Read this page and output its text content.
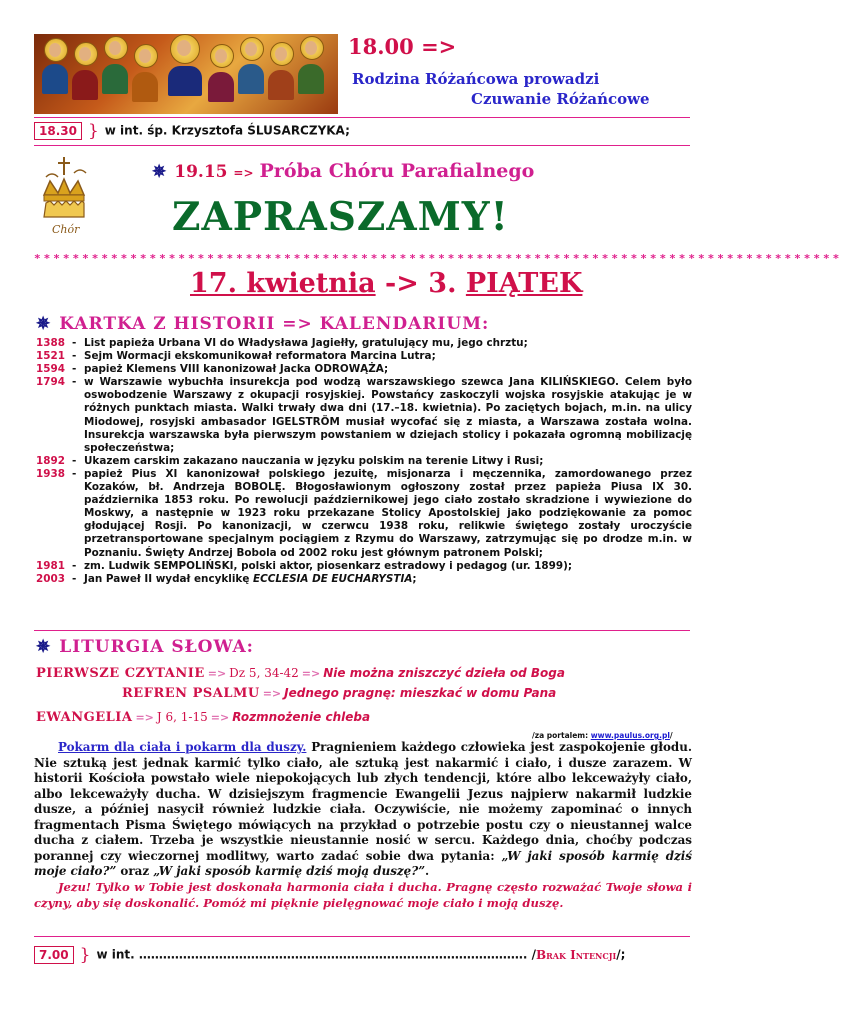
18.00 =>
Rodzina Różańcowa prowadzi
Czuwanie Różańcowe
18.30 } w int. śp. Krzysztofa ŚLUSARCZYKA;
Chór
✵ 19.15 => Próba Chóru Parafialnego
ZAPRASZAMY!
************************************************************************************
17. kwietnia -> 3. PIĄTEK
✵ KARTKA Z HISTORII => KALENDARIUM:
1388 - List papieża Urbana VI do Władysława Jagiełły, gratulujący mu, jego chrztu;
1521 - Sejm Wormacji ekskomunikował reformatora Marcina Lutra;
1594 - papież Klemens VIII kanonizował Jacka ODROWĄŻA;
1794 - w Warszawie wybuchła insurekcja pod wodzą warszawskiego szewca Jana KILIŃSKIEGO. Celem było oswobodzenie Warszawy z okupacji rosyjskiej. Powstańcy zaskoczyli wojska rosyjskie atakując je w różnych punktach miasta. Walki trwały dwa dni (17.–18. kwietnia). Po zaciętych bojach, m.in. na ulicy Miodowej, rosyjski ambasador IGELSTRÖM musiał wycofać się z miasta, a Warszawa została wolna. Insurekcja warszawska była pierwszym powstaniem w dziejach stolicy i pokazała ogromną mobilizację społeczeństwa;
1892 - Ukazem carskim zakazano nauczania w języku polskim na terenie Litwy i Rusi;
1938 - papież Pius XI kanonizował polskiego jezuitę, misjonarza i męczennika, zamordowanego przez Kozaków, bł. Andrzeja BOBOLĘ. Błogosławionym ogłoszony został przez papieża Piusa IX 30. października 1853 roku. Po rewolucji październikowej jego ciało zostało skradzione i wywiezione do Moskwy, a następnie w 1923 roku przekazane Stolicy Apostolskiej jako podziękowanie za pomoc głodującej Rosji. Po kanonizacji, w czerwcu 1938 roku, relikwie świętego zostały uroczyście przetransportowane specjalnym pociągiem z Rzymu do Warszawy, zatrzymując się po drodze m.in. w Poznaniu. Święty Andrzej Bobola od 2002 roku jest głównym patronem Polski;
1981 - zm. Ludwik SEMPOLIŃSKI, polski aktor, piosenkarz estradowy i pedagog (ur. 1899);
2003 - Jan Paweł II wydał encyklikę ECCLESIA DE EUCHARYSTIA;
✵ LITURGIA SŁOWA:
PIERWSZE CZYTANIE => Dz 5, 34-42 => Nie można zniszczyć dzieła od Boga
REFREN PSALMU => Jednego pragnę: mieszkać w domu Pana
EWANGELIA => J 6, 1-15 => Rozmnożenie chleba
/za portalem: www.paulus.org.pl/
Pokarm dla ciała i pokarm dla duszy. Pragnieniem każdego człowieka jest zaspokojenie głodu. Nie sztuką jest jednak karmić tylko ciało, ale sztuką jest nakarmić i ciało, i dusze zarazem. W historii Kościoła powstało wiele niepokojących lub złych tendencji, które albo lekceważyły ciało, albo lekceważyły ducha. W dzisiejszym fragmencie Ewangelii Jezus najpierw nakarmił ludzkie dusze, a później nasycił również ludzkie ciała. Oczywiście, nie możemy zapominać o innych fragmentach Pisma Świętego mówiących na przykład o potrzebie postu czy o nieustannej walce ducha z ciałem. Trzeba je wszystkie nieustannie nosić w sercu. Każdego dnia, choćby podczas porannej czy wieczornej modlitwy, warto zadać sobie dwa pytania: „W jaki sposób karmię dziś moje ciało?” oraz „W jaki sposób karmię dziś moją duszę?”.
Jezu! Tylko w Tobie jest doskonała harmonia ciała i ducha. Pragnę często rozważać Twoje słowa i czyny, aby się doskonalić. Pomóż mi pięknie pielęgnować moje ciało i moją duszę.
7.00 } w int. ……………………………………………………………………………………. /Brak Intencji/;
